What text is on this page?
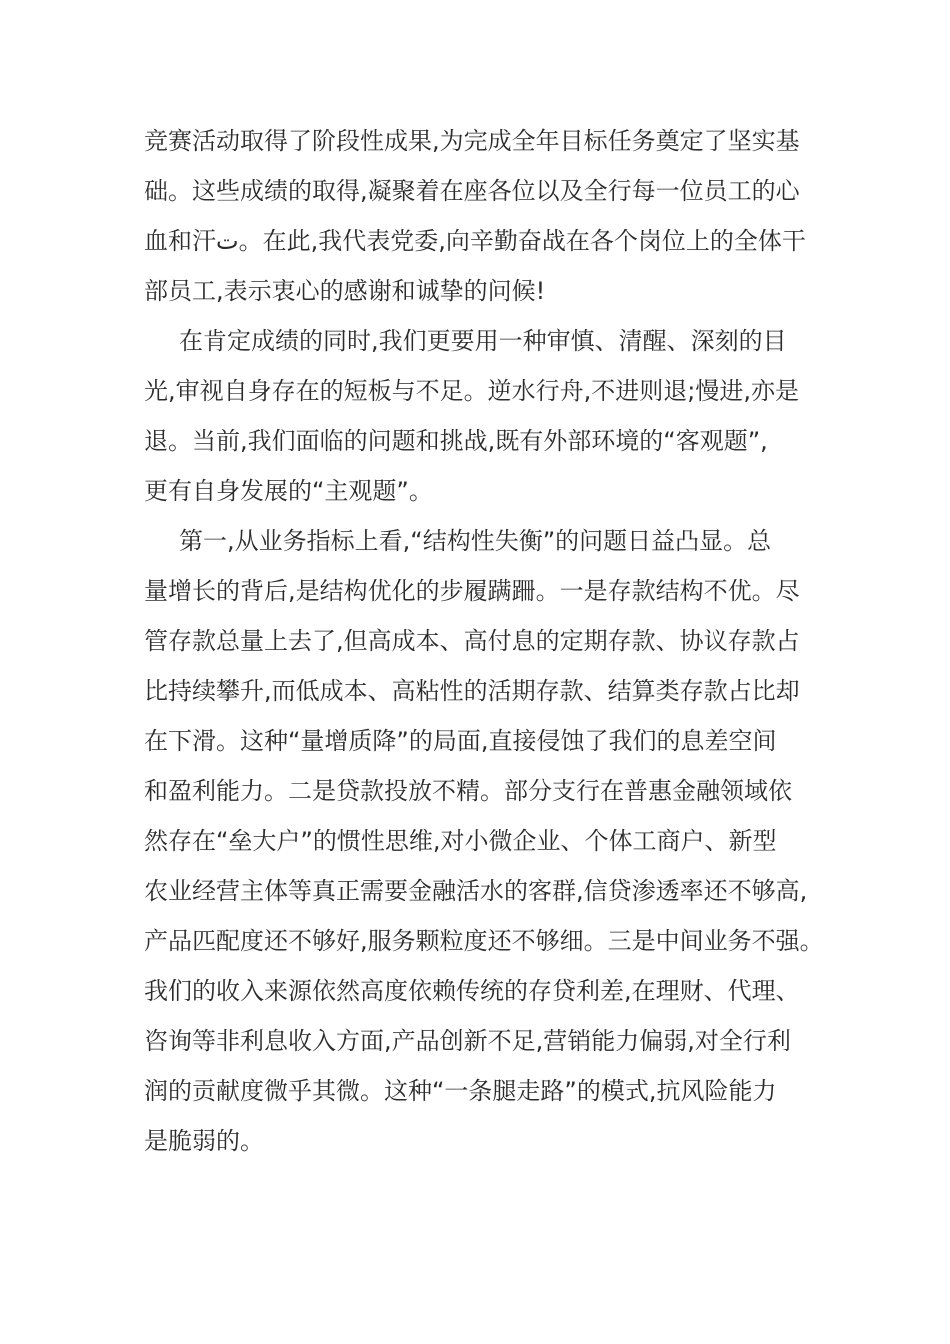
竞赛活动取得了阶段性成果,为完成全年目标任务奠定了坚实基
础。这些成绩的取得,凝聚着在座各位以及全行每一位员工的心
血和汗ت。在此,我代表党委,向辛勤奋战在各个岗位上的全体干
部员工,表示衷心的感谢和诚挚的问候!
在肯定成绩的同时,我们更要用一种审慎、清醒、深刻的目
光,审视自身存在的短板与不足。逆水行舟,不进则退;慢进,亦是
退。当前,我们面临的问题和挑战,既有外部环境的“客观题”,
更有自身发展的“主观题”。
第一,从业务指标上看,“结构性失衡”的问题日益凸显。总
量增长的背后,是结构优化的步履蹒跚。一是存款结构不优。尽
管存款总量上去了,但高成本、高付息的定期存款、协议存款占
比持续攀升,而低成本、高粘性的活期存款、结算类存款占比却
在下滑。这种“量增质降”的局面,直接侵蚀了我们的息差空间
和盈利能力。二是贷款投放不精。部分支行在普惠金融领域依
然存在“垒大户”的惯性思维,对小微企业、个体工商户、新型
农业经营主体等真正需要金融活水的客群,信贷渗透率还不够高,
产品匹配度还不够好,服务颗粒度还不够细。三是中间业务不强。
我们的收入来源依然高度依赖传统的存贷利差,在理财、代理、
咨询等非利息收入方面,产品创新不足,营销能力偏弱,对全行利
润的贡献度微乎其微。这种“一条腿走路”的模式,抗风险能力
是脆弱的。
